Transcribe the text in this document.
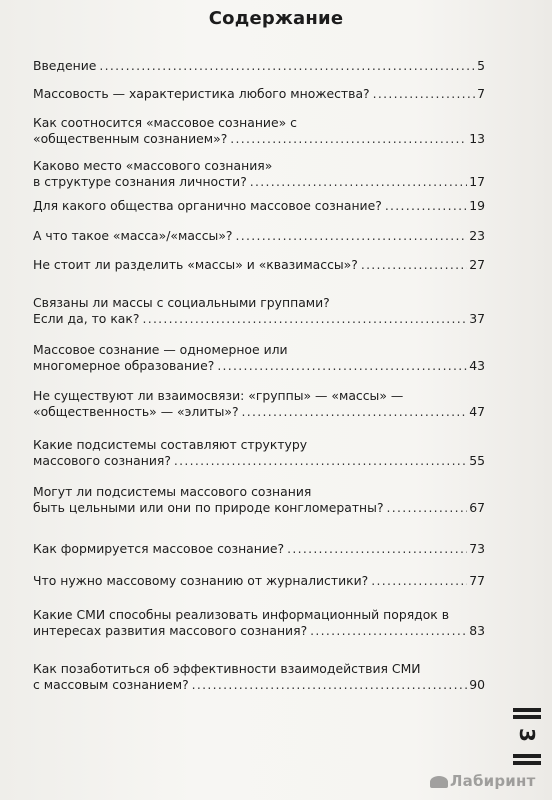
Содержание
Введение .....	5
Массовость — характеристика любого множества? .....	7
Как соотносится «массовое сознание» с
«общественным сознанием»? .....	13
Каково место «массового сознания»
в структуре сознания личности? .....	17
Для какого общества органично массовое сознание? .....	19
А что такое «масса»/«массы»? .....	23
Не стоит ли разделить «массы» и «квазимассы»? .....	27
Связаны ли массы с социальными группами?
Если да, то как? .....	37
Массовое сознание — одномерное или
многомерное образование? .....	43
Не существуют ли взаимосвязи: «группы» — «массы» —
«общественность» — «элиты»? .....	47
Какие подсистемы составляют структуру
массового сознания? .....	55
Могут ли подсистемы массового сознания
быть цельными или они по природе конгломератны? .....	67
Как формируется массовое сознание? .....	73
Что нужно массовому сознанию от журналистики? .....	77
Какие СМИ способны реализовать информационный порядок в
интересах развития массового сознания? .....	83
Как позаботиться об эффективности взаимодействия СМИ
с массовым сознанием? .....	90
3
Лабиринт
